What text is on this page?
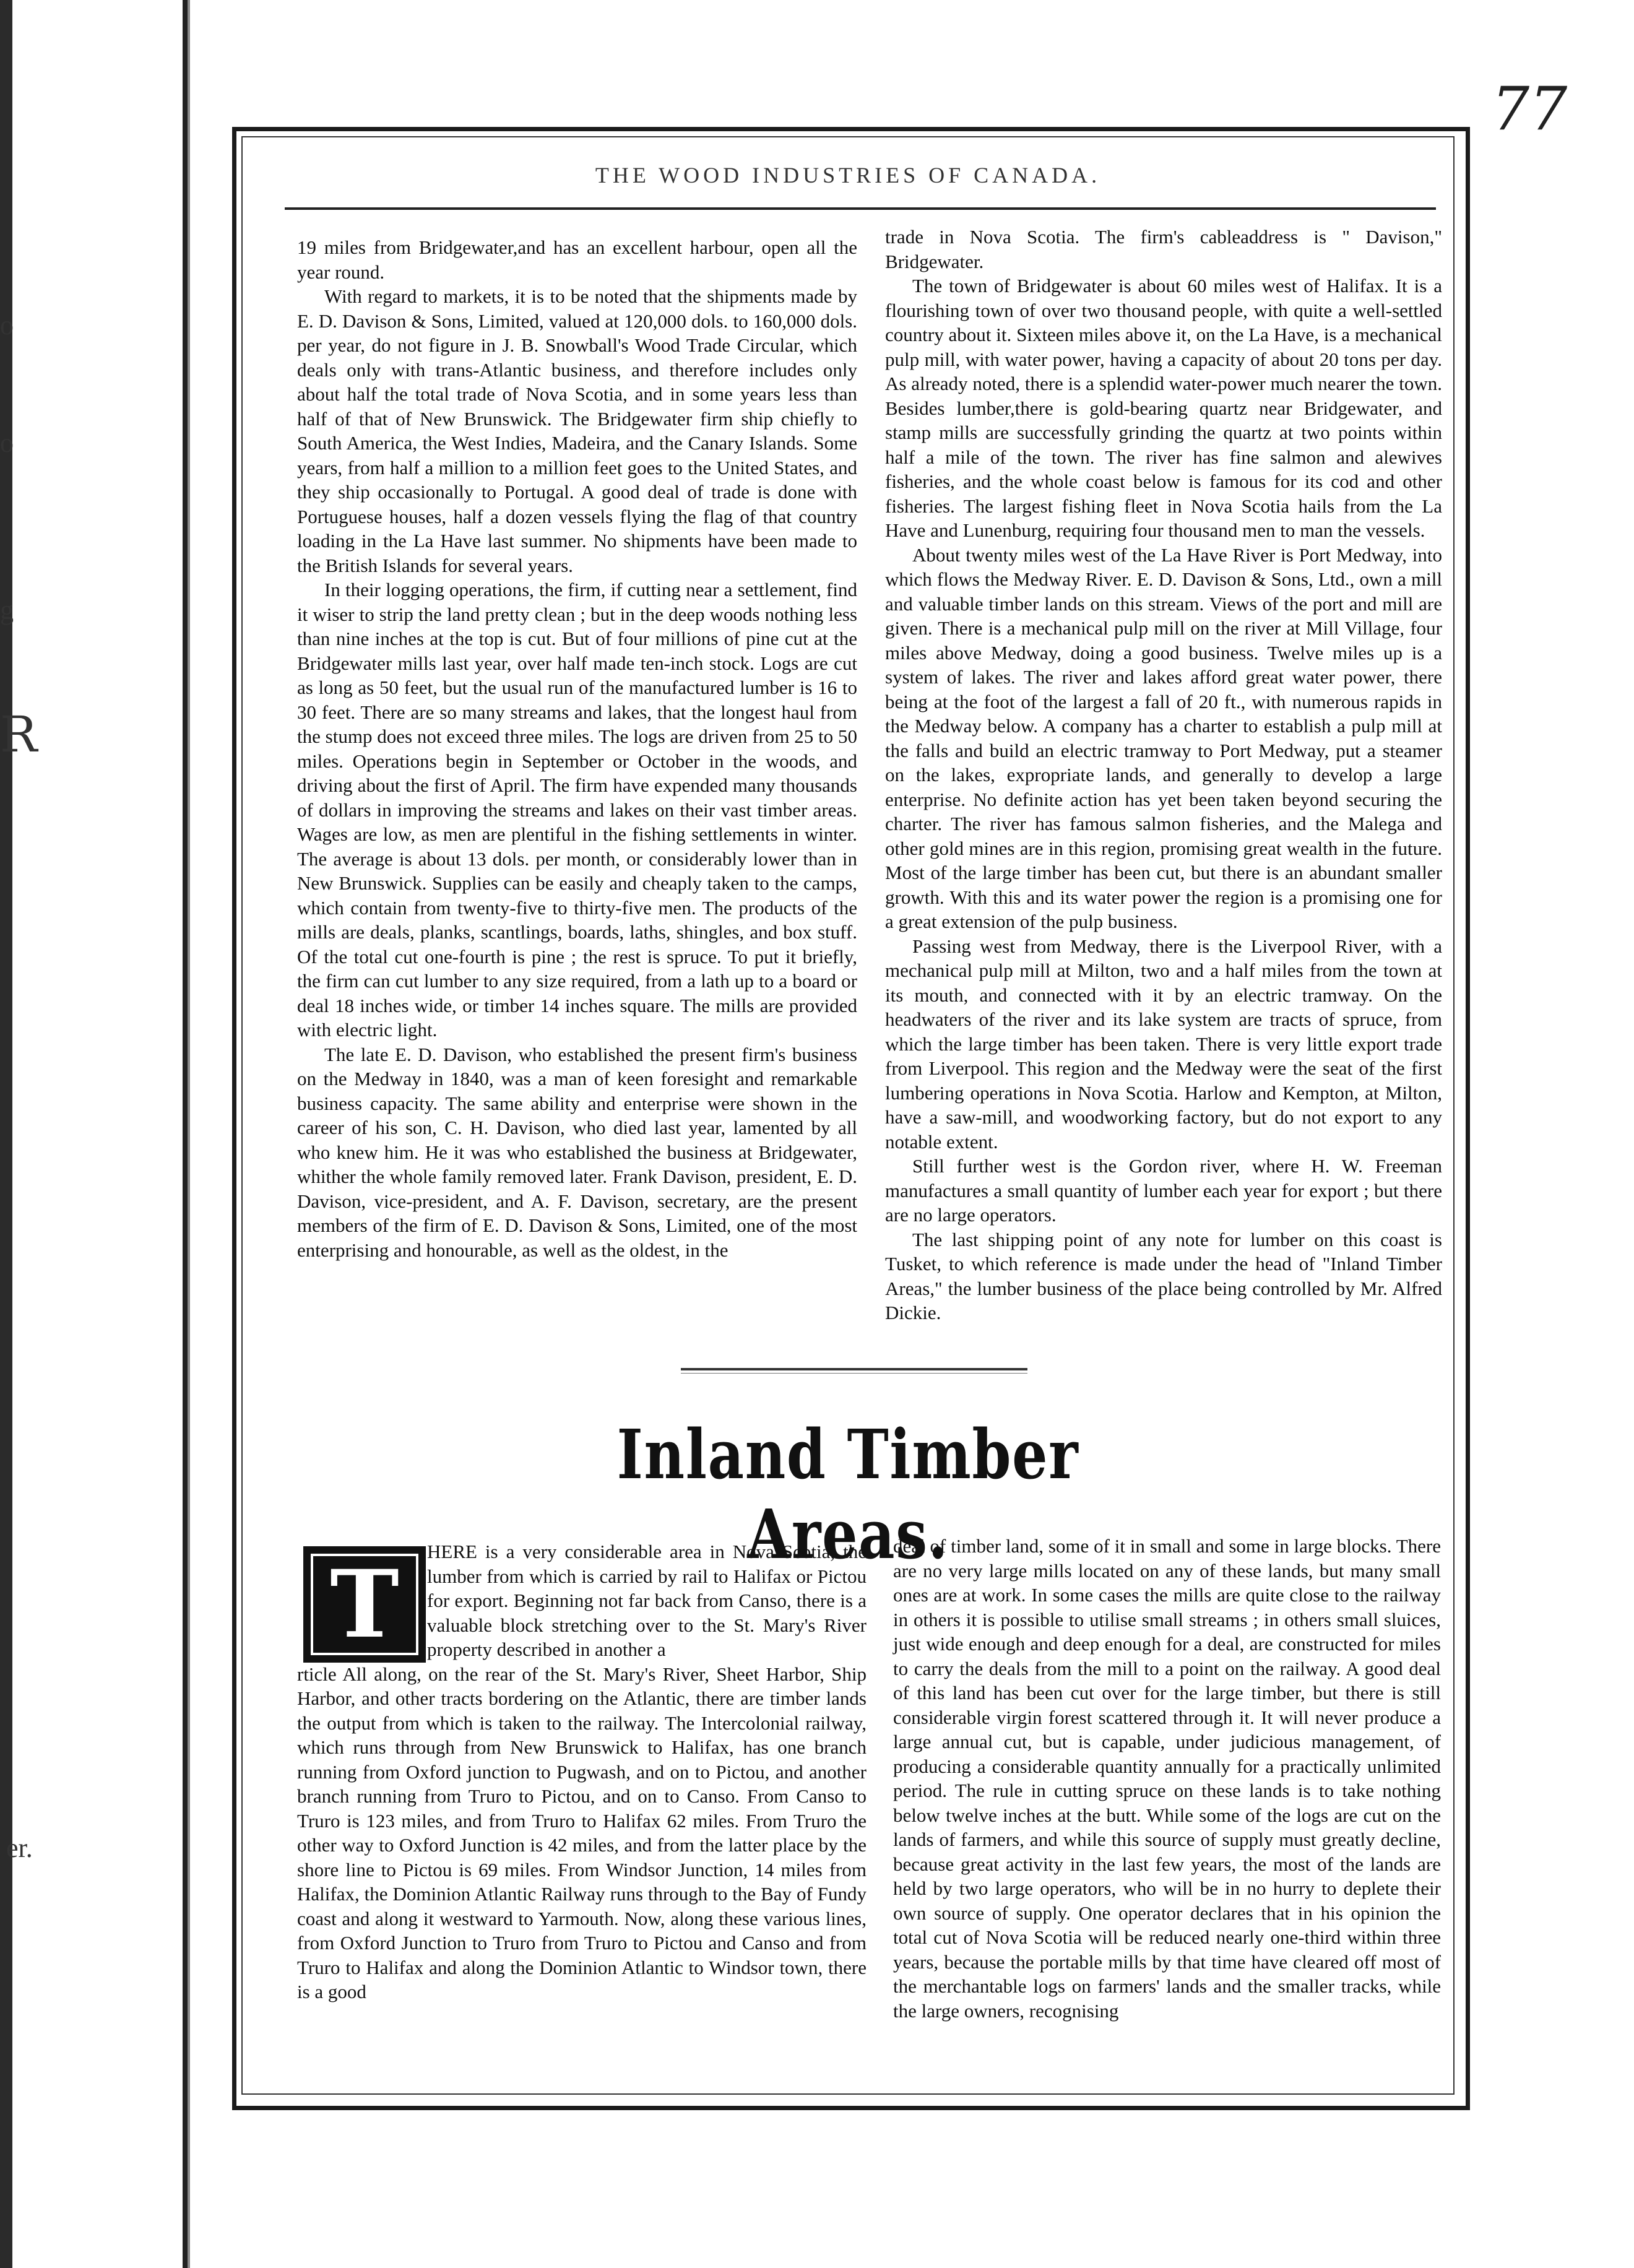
o
o
g
R
er.
77
THE WOOD INDUSTRIES OF CANADA.

19 miles from Bridgewater,and has an excellent harbour, open all the year round.

With regard to markets, it is to be noted that the shipments made by E. D. Davison & Sons, Limited, valued at 120,000 dols. to 160,000 dols. per year, do not figure in J. B. Snowball's Wood Trade Circular, which deals only with trans-Atlantic business, and therefore includes only about half the total trade of Nova Scotia, and in some years less than half of that of New Brunswick. The Bridgewater firm ship chiefly to South America, the West Indies, Madeira, and the Canary Islands. Some years, from half a million to a million feet goes to the United States, and they ship occasionally to Portugal. A good deal of trade is done with Portuguese houses, half a dozen vessels flying the flag of that country loading in the La Have last summer. No shipments have been made to the British Islands for several years.

In their logging operations, the firm, if cutting near a settlement, find it wiser to strip the land pretty clean ; but in the deep woods nothing less than nine inches at the top is cut. But of four millions of pine cut at the Bridgewater mills last year, over half made ten-inch stock. Logs are cut as long as 50 feet, but the usual run of the manufactured lumber is 16 to 30 feet. There are so many streams and lakes, that the longest haul from the stump does not exceed three miles. The logs are driven from 25 to 50 miles. Operations begin in September or October in the woods, and driving about the first of April. The firm have expended many thousands of dollars in improving the streams and lakes on their vast timber areas. Wages are low, as men are plentiful in the fishing settlements in winter. The average is about 13 dols. per month, or considerably lower than in New Brunswick. Supplies can be easily and cheaply taken to the camps, which contain from twenty-five to thirty-five men. The products of the mills are deals, planks, scantlings, boards, laths, shingles, and box stuff. Of the total cut one-fourth is pine ; the rest is spruce. To put it briefly, the firm can cut lumber to any size required, from a lath up to a board or deal 18 inches wide, or timber 14 inches square. The mills are provided with electric light.

The late E. D. Davison, who established the present firm's business on the Medway in 1840, was a man of keen foresight and remarkable business capacity. The same ability and enterprise were shown in the career of his son, C. H. Davison, who died last year, lamented by all who knew him. He it was who established the business at Bridgewater, whither the whole family removed later. Frank Davison, president, E. D. Davison, vice-president, and A. F. Davison, secretary, are the present members of the firm of E. D. Davison & Sons, Limited, one of the most enterprising and honourable, as well as the oldest, in the

trade in Nova Scotia. The firm's cableaddress is " Davison," Bridgewater.

The town of Bridgewater is about 60 miles west of Halifax. It is a flourishing town of over two thousand people, with quite a well-settled country about it. Sixteen miles above it, on the La Have, is a mechanical pulp mill, with water power, having a capacity of about 20 tons per day. As already noted, there is a splendid water-power much nearer the town. Besides lumber,there is gold-bearing quartz near Bridgewater, and stamp mills are successfully grinding the quartz at two points within half a mile of the town. The river has fine salmon and alewives fisheries, and the whole coast below is famous for its cod and other fisheries. The largest fishing fleet in Nova Scotia hails from the La Have and Lunenburg, requiring four thousand men to man the vessels.

About twenty miles west of the La Have River is Port Medway, into which flows the Medway River. E. D. Davison & Sons, Ltd., own a mill and valuable timber lands on this stream. Views of the port and mill are given. There is a mechanical pulp mill on the river at Mill Village, four miles above Medway, doing a good business. Twelve miles up is a system of lakes. The river and lakes afford great water power, there being at the foot of the largest a fall of 20 ft., with numerous rapids in the Medway below. A company has a charter to establish a pulp mill at the falls and build an electric tramway to Port Medway, put a steamer on the lakes, expropriate lands, and generally to develop a large enterprise. No definite action has yet been taken beyond securing the charter. The river has famous salmon fisheries, and the Malega and other gold mines are in this region, promising great wealth in the future. Most of the large timber has been cut, but there is an abundant smaller growth. With this and its water power the region is a promising one for a great extension of the pulp business.

Passing west from Medway, there is the Liverpool River, with a mechanical pulp mill at Milton, two and a half miles from the town at its mouth, and connected with it by an electric tramway. On the headwaters of the river and its lake system are tracts of spruce, from which the large timber has been taken. There is very little export trade from Liverpool. This region and the Medway were the seat of the first lumbering operations in Nova Scotia. Harlow and Kempton, at Milton, have a saw-mill, and woodworking factory, but do not export to any notable extent.

Still further west is the Gordon river, where H. W. Freeman manufactures a small quantity of lumber each year for export ; but there are no large operators.

The last shipping point of any note for lumber on this coast is Tusket, to which reference is made under the head of "Inland Timber Areas," the lumber business of the place being controlled by Mr. Alfred Dickie.

Inland Timber Areas.
T	HERE is a very considerable area in Nova Scotia, the lumber from which is carried by rail to Halifax or Pictou for export. Beginning not far back from Canso, there is a valuable block stretching over to the St. Mary's River property described in another a
rticle All along, on the rear of the St. Mary's River, Sheet Harbor, Ship Harbor, and other tracts bordering on the Atlantic, there are timber lands the output from which is taken to the railway. The Intercolonial railway, which runs through from New Brunswick to Halifax, has one branch running from Oxford junction to Pugwash, and on to Pictou, and another branch running from Truro to Pictou, and on to Canso. From Canso to Truro is 123 miles, and from Truro to Halifax 62 miles. From Truro the other way to Oxford Junction is 42 miles, and from the latter place by the shore line to Pictou is 69 miles. From Windsor Junction, 14 miles from Halifax, the Dominion Atlantic Railway runs through to the Bay of Fundy coast and along it westward to Yarmouth. Now, along these various lines, from Oxford Junction to Truro from Truro to Pictou and Canso and from Truro to Halifax and along the Dominion Atlantic to Windsor town, there is a good

deal of timber land, some of it in small and some in large blocks. There are no very large mills located on any of these lands, but many small ones are at work. In some cases the mills are quite close to the railway in others it is possible to utilise small streams ; in others small sluices, just wide enough and deep enough for a deal, are constructed for miles to carry the deals from the mill to a point on the railway. A good deal of this land has been cut over for the large timber, but there is still considerable virgin forest scattered through it. It will never produce a large annual cut, but is capable, under judicious management, of producing a considerable quantity annually for a practically unlimited period. The rule in cutting spruce on these lands is to take nothing below twelve inches at the butt. While some of the logs are cut on the lands of farmers, and while this source of supply must greatly decline, because great activity in the last few years, the most of the lands are held by two large operators, who will be in no hurry to deplete their own source of supply. One operator declares that in his opinion the total cut of Nova Scotia will be reduced nearly one-third within three years, because the portable mills by that time have cleared off most of the merchantable logs on farmers' lands and the smaller tracks, while the large owners, recognising
